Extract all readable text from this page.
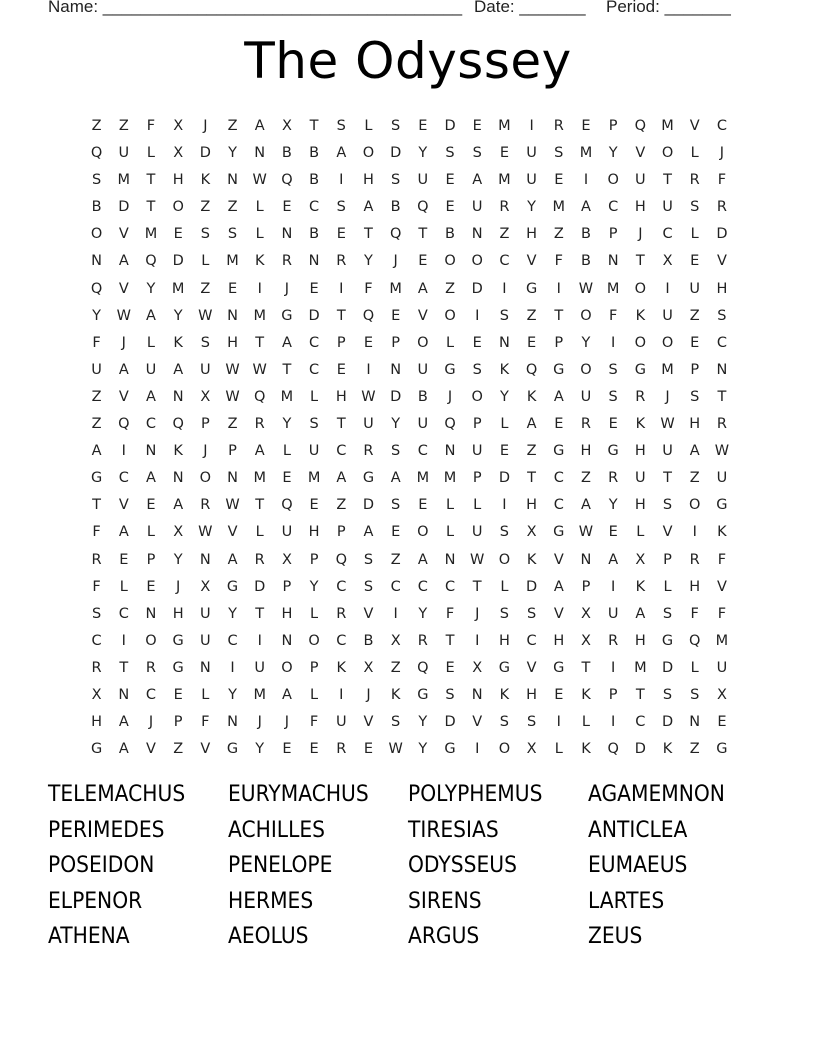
Name: ______________________________________ Date: _______ Period: _______
The Odyssey
Z	Z	F	X	J	Z	A	X	T	S	L	S	E	D	E	M	I	R	E	P	Q	M	V	C
Q	U	L	X	D	Y	N	B	B	A	O	D	Y	S	S	E	U	S	M	Y	V	O	L	J
S	M	T	H	K	N	W Q	B	I	H	S	U	E	A	M	U	E	I	O	U	T	R	F
B	D	T	O	Z	Z	L	E	C	S	A	B	Q	E	U	R	Y	M	A	C	H	U	S	R
O	V	M	E	S	S	L	N	B	E	T	Q	T	B	N	Z	H	Z	B	P	J	C	L	D
N	A	Q	D	L	M	K	R	N	R	Y	J	E	O	O	C	V	F	B	N	T	X	E	V
Q	V	Y	M	Z	E	I	J	E	I	F	M	A	Z	D	I	G	I	W M	O	I	U	H
Y	W	A	Y	W	N	M	G	D	T	Q	E	V	O	I	S	Z	T	O	F	K	U	Z	S
F	J	L	K	S	H	T	A	C	P	E	P	O	L	E	N	E	P	Y	I	O	O	E	C
U	A	U	A	U	W W	T	C	E	I	N	U	G	S	K	Q	G	O	S	G	M	P	N
Z	V	A	N	X	W Q	M	L	H	W D	B	J	O	Y	K	A	U	S	R	J	S	T
Z	Q	C	Q	P	Z	R	Y	S	T	U	Y	U	Q	P	L	A	E	R	E	K	W	H	R
A	I	N	K	J	P	A	L	U	C	R	S	C	N	U	E	Z	G	H	G	H	U	A	W
G	C	A	N	O	N	M	E	M	A	G	A	M	M	P	D	T	C	Z	R	U	T	Z	U
T	V	E	A	R	W	T	Q	E	Z	D	S	E	L	L	I	H	C	A	Y	H	S	O	G
F	A	L	X	W	V	L	U	H	P	A	E	O	L	U	S	X	G W	E	L	V	I	K
R	E	P	Y	N	A	R	X	P	Q	S	Z	A	N	W O	K	V	N	A	X	P	R	F
F	L	E	J	X	G	D	P	Y	C	S	C	C	C	T	L	D	A	P	I	K	L	H	V
S	C	N	H	U	Y	T	H	L	R	V	I	Y	F	J	S	S	V	X	U	A	S	F	F
C	I	O	G	U	C	I	N	O	C	B	X	R	T	I	H	C	H	X	R	H	G	Q	M
R	T	R	G	N	I	U	O	P	K	X	Z	Q	E	X	G	V	G	T	I	M	D	L	U
X	N	C	E	L	Y	M	A	L	I	J	K	G	S	N	K	H	E	K	P	T	S	S	X
H	A	J	P	F	N	J	J	F	U	V	S	Y	D	V	S	S	I	L	I	C	D	N	E
G	A	V	Z	V	G	Y	E	E	R	E	W	Y	G	I	O	X	L	K	Q	D	K	Z	G
TELEMACHUS	EURYMACHUS	POLYPHEMUS	AGAMEMNON
PERIMEDES	ACHILLES	TIRESIAS	ANTICLEA
POSEIDON	PENELOPE	ODYSSEUS	EUMAEUS
ELPENOR	HERMES	SIRENS	LARTES
ATHENA	AEOLUS	ARGUS	ZEUS
